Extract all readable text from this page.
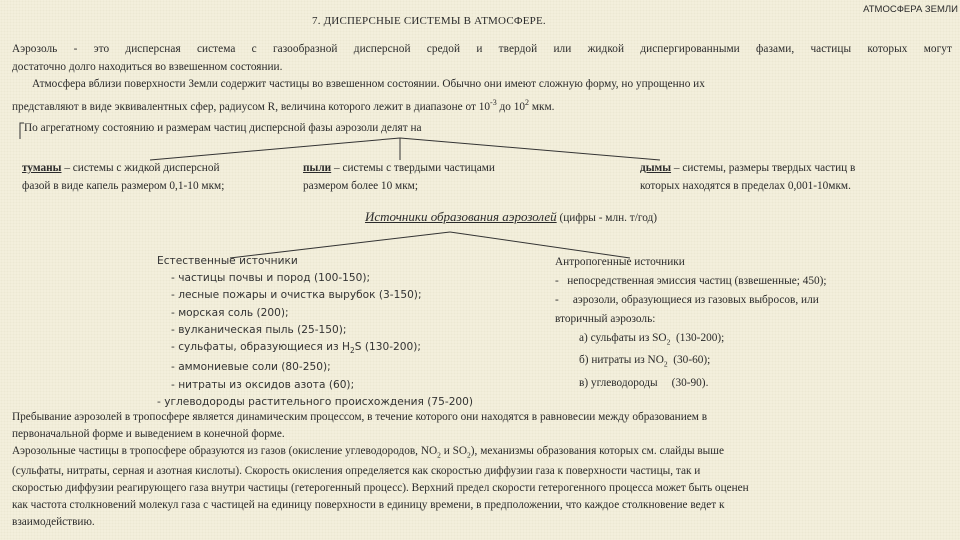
АТМОСФЕРА ЗЕМЛИ
7. ДИСПЕРСНЫЕ СИСТЕМЫ В АТМОСФЕРЕ.
Аэрозоль - это дисперсная система с газообразной дисперсной средой и твердой или жидкой диспергированными фазами, частицы которых могут
достаточно долго находиться во взвешенном состоянии.
Атмосфера вблизи поверхности Земли содержит частицы во взвешенном состоянии. Обычно они имеют сложную форму, но упрощенно их
представляют в виде эквивалентных сфер, радиусом R, величина которого лежит в диапазоне от $10^{-3}$ до $10^2$ мкм.
По агрегатному состоянию и размерам частиц дисперсной фазы аэрозоли делят на
туманы – системы с жидкой дисперсной
фазой в виде капель размером 0,1-10 мкм;
пыли – системы с твердыми частицами
размером более 10 мкм;
дымы – системы, размеры твердых частиц в
которых находятся в пределах 0,001-10мкм.
Источники образования аэрозолей (цифры - млн. т/год)
Естественные источники
- частицы почвы и пород (100-150);
- лесные пожары и очистка вырубок (3-150);
- морская соль (200);
- вулканическая пыль (25-150);
- сульфаты, образующиеся из $H_2S$ (130-200);
- аммониевые соли (80-250);
- нитраты из оксидов азота (60);
- углеводороды растительного происхождения (75-200)
Антропогенные источники
-   непосредственная эмиссия частиц (взвешенные; 450);
-     аэрозоли, образующиеся из газовых выбросов, или
вторичный аэрозоль:
а) сульфаты из $SO_2$  (130-200);
б) нитраты из $NO_2$  (30-60);
в) углеводороды     (30-90).
Пребывание аэрозолей в тропосфере является динамическим процессом, в течение которого они находятся в равновесии между образованием в
первоначальной форме и выведением в конечной форме.
Аэрозольные частицы в тропосфере образуются из газов (окисление углеводородов, $NO_2$ и $SO_2$), механизмы образования которых см. слайды выше
(сульфаты, нитраты, серная и азотная кислоты). Скорость окисления определяется как скоростью диффузии газа к поверхности частицы, так и
скоростью диффузии реагирующего газа внутри частицы (гетерогенный процесс). Верхний предел скорости гетерогенного процесса может быть оценен
как частота столкновений молекул газа с частицей на единицу поверхности в единицу времени, в предположении, что каждое столкновение ведет к
взаимодействию.
